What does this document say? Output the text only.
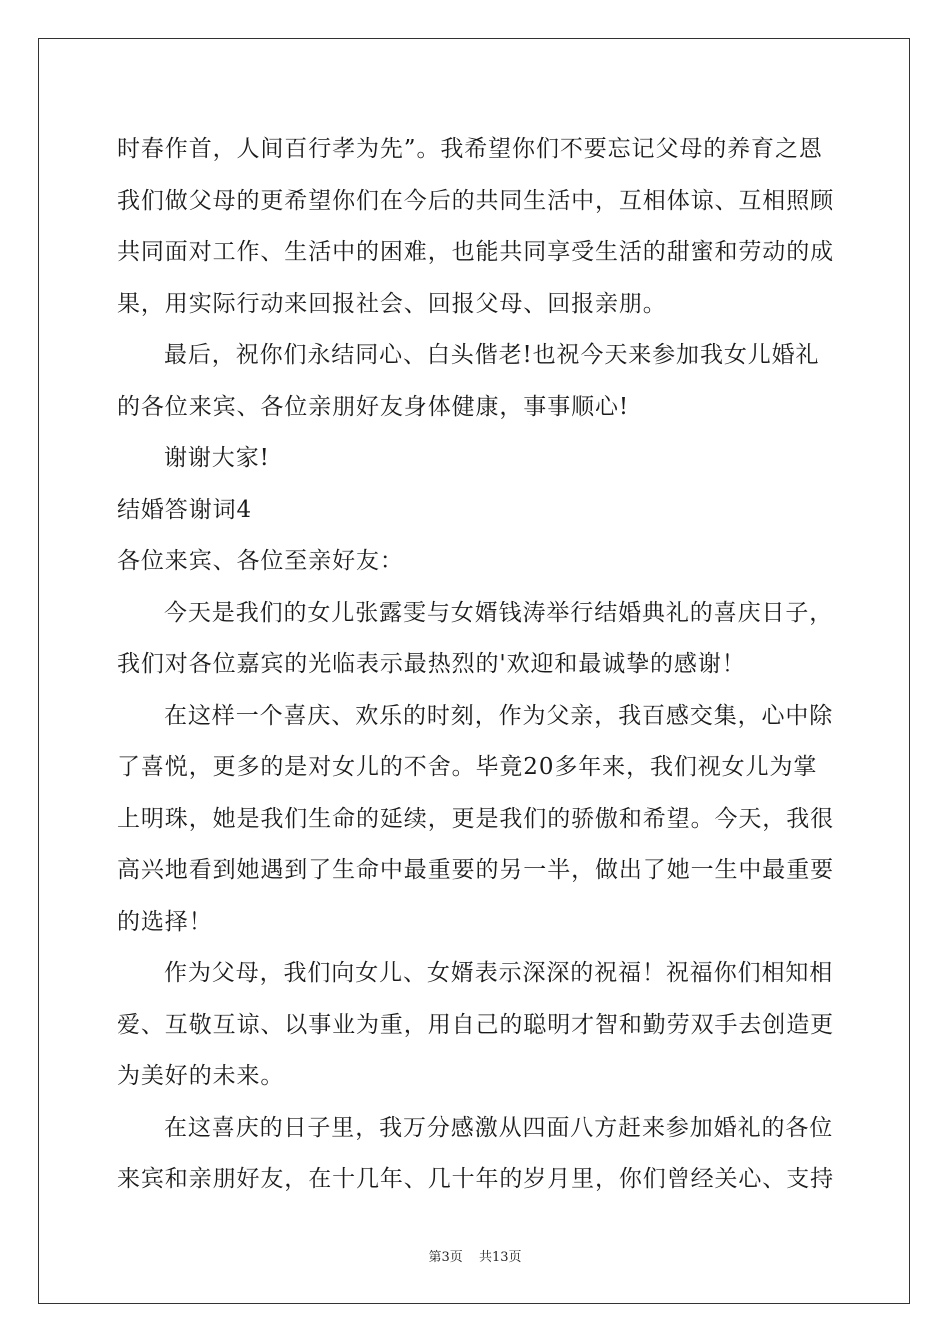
时春作首，人间百行孝为先”。我希望你们不要忘记父母的养育之恩
我们做父母的更希望你们在今后的共同生活中，互相体谅、互相照顾
共同面对工作、生活中的困难，也能共同享受生活的甜蜜和劳动的成
果，用实际行动来回报社会、回报父母、回报亲朋。
最后，祝你们永结同心、白头偕老!也祝今天来参加我女儿婚礼
的各位来宾、各位亲朋好友身体健康，事事顺心!
谢谢大家!
结婚答谢词4
各位来宾、各位至亲好友：
今天是我们的女儿张露雯与女婿钱涛举行结婚典礼的喜庆日子，
我们对各位嘉宾的光临表示最热烈的'欢迎和最诚挚的感谢！
在这样一个喜庆、欢乐的时刻，作为父亲，我百感交集，心中除
了喜悦，更多的是对女儿的不舍。毕竟20多年来，我们视女儿为掌
上明珠，她是我们生命的延续，更是我们的骄傲和希望。今天，我很
高兴地看到她遇到了生命中最重要的另一半，做出了她一生中最重要
的选择！
作为父母，我们向女儿、女婿表示深深的祝福！祝福你们相知相
爱、互敬互谅、以事业为重，用自己的聪明才智和勤劳双手去创造更
为美好的未来。
在这喜庆的日子里，我万分感激从四面八方赶来参加婚礼的各位
来宾和亲朋好友，在十几年、几十年的岁月里，你们曾经关心、支持
第3页 共13页
